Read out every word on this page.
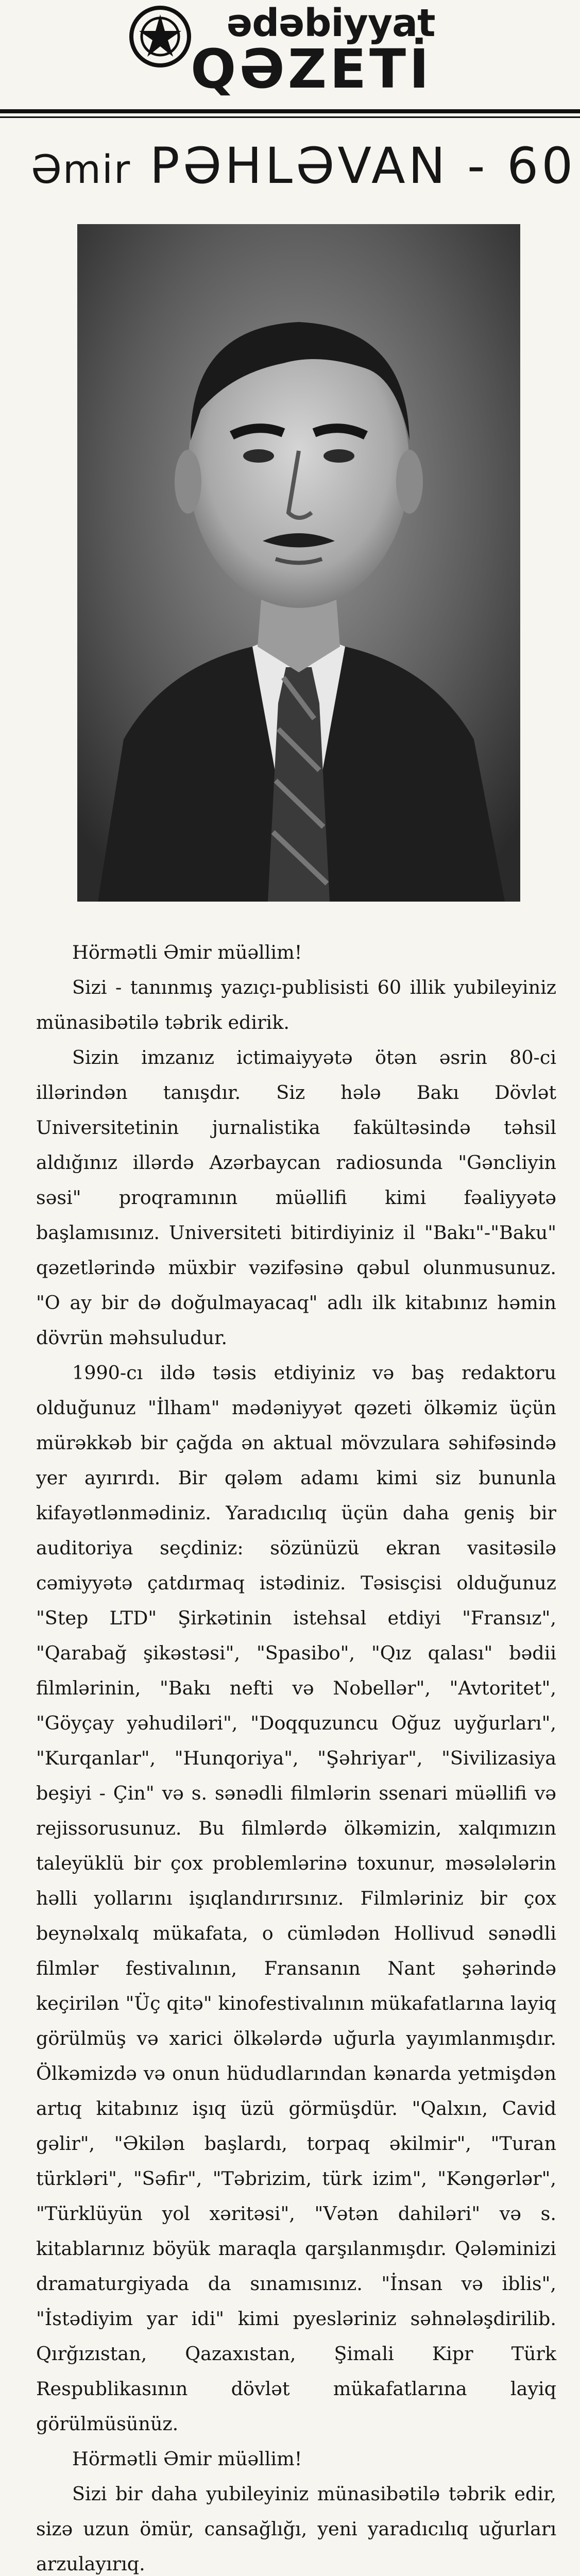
ədəbiyyat
QƏZETİ
Əmir PƏHLƏVAN - 60

Hörmətli Əmir müəllim!

Sizi - tanınmış yazıçı-publisisti 60 illik yubileyiniz münasibətilə təbrik edirik.

Sizin imzanız ictimaiyyətə ötən əsrin 80-ci illərindən tanışdır. Siz hələ Bakı Dövlət Universitetinin jurnalistika fakültəsində təhsil aldığınız illərdə Azərbaycan radiosunda "Gəncliyin səsi" proqramının müəllifi kimi fəaliyyətə başlamısınız. Universiteti bitirdiyiniz il "Bakı"-"Baku" qəzetlərində müxbir vəzifəsinə qəbul olunmusunuz. "O ay bir də doğulmayacaq" adlı ilk kitabınız həmin dövrün məhsuludur.

1990-cı ildə təsis etdiyiniz və baş redaktoru olduğunuz "İlham" mədəniyyət qəzeti ölkəmiz üçün mürəkkəb bir çağda ən aktual mövzulara səhifəsində yer ayırırdı. Bir qələm adamı kimi siz bununla kifayətlənmədiniz. Yaradıcılıq üçün daha geniş bir auditoriya seçdiniz: sözünüzü ekran vasitəsilə cəmiyyətə çatdırmaq istədiniz. Təsisçisi olduğunuz "Step LTD" Şirkətinin istehsal etdiyi "Fransız", "Qarabağ şikəstəsi", "Spasibo", "Qız qalası" bədii filmlərinin, "Bakı nefti və Nobellər", "Avtoritet", "Göyçay yəhudiləri", "Doqquzuncu Oğuz uyğurları", "Kurqanlar", "Hunqoriya", "Şəhriyar", "Sivilizasiya beşiyi - Çin" və s. sənədli filmlərin ssenari müəllifi və rejissorusunuz. Bu filmlərdə ölkəmizin, xalqımızın taleyüklü bir çox problemlərinə toxunur, məsələlərin həlli yollarını işıqlandırırsınız. Filmləriniz bir çox beynəlxalq mükafata, o cümlədən Hollivud sənədli filmlər festivalının, Fransanın Nant şəhərində keçirilən "Üç qitə" kinofestivalının mükafatlarına layiq görülmüş və xarici ölkələrdə uğurla yayımlanmışdır. Ölkəmizdə və onun hüdudlarından kənarda yetmişdən artıq kitabınız işıq üzü görmüşdür. "Qalxın, Cavid gəlir", "Əkilən başlardı, torpaq əkilmir", "Turan türkləri", "Səfir", "Təbrizim, türk izim", "Kəngərlər", "Türklüyün yol xəritəsi", "Vətən dahiləri" və s. kitablarınız böyük maraqla qarşılanmışdır. Qələminizi dramaturgiyada da sınamısınız. "İnsan və iblis", "İstədiyim yar idi" kimi pyesləriniz səhnələşdirilib. Qırğızıstan, Qazaxıstan, Şimali Kipr Türk Respublikasının dövlət mükafatlarına layiq görülmüsünüz.

Hörmətli Əmir müəllim!

Sizi bir daha yubileyiniz münasibətilə təbrik edir, sizə uzun ömür, cansağlığı, yeni yaradıcılıq uğurları arzulayırıq.
